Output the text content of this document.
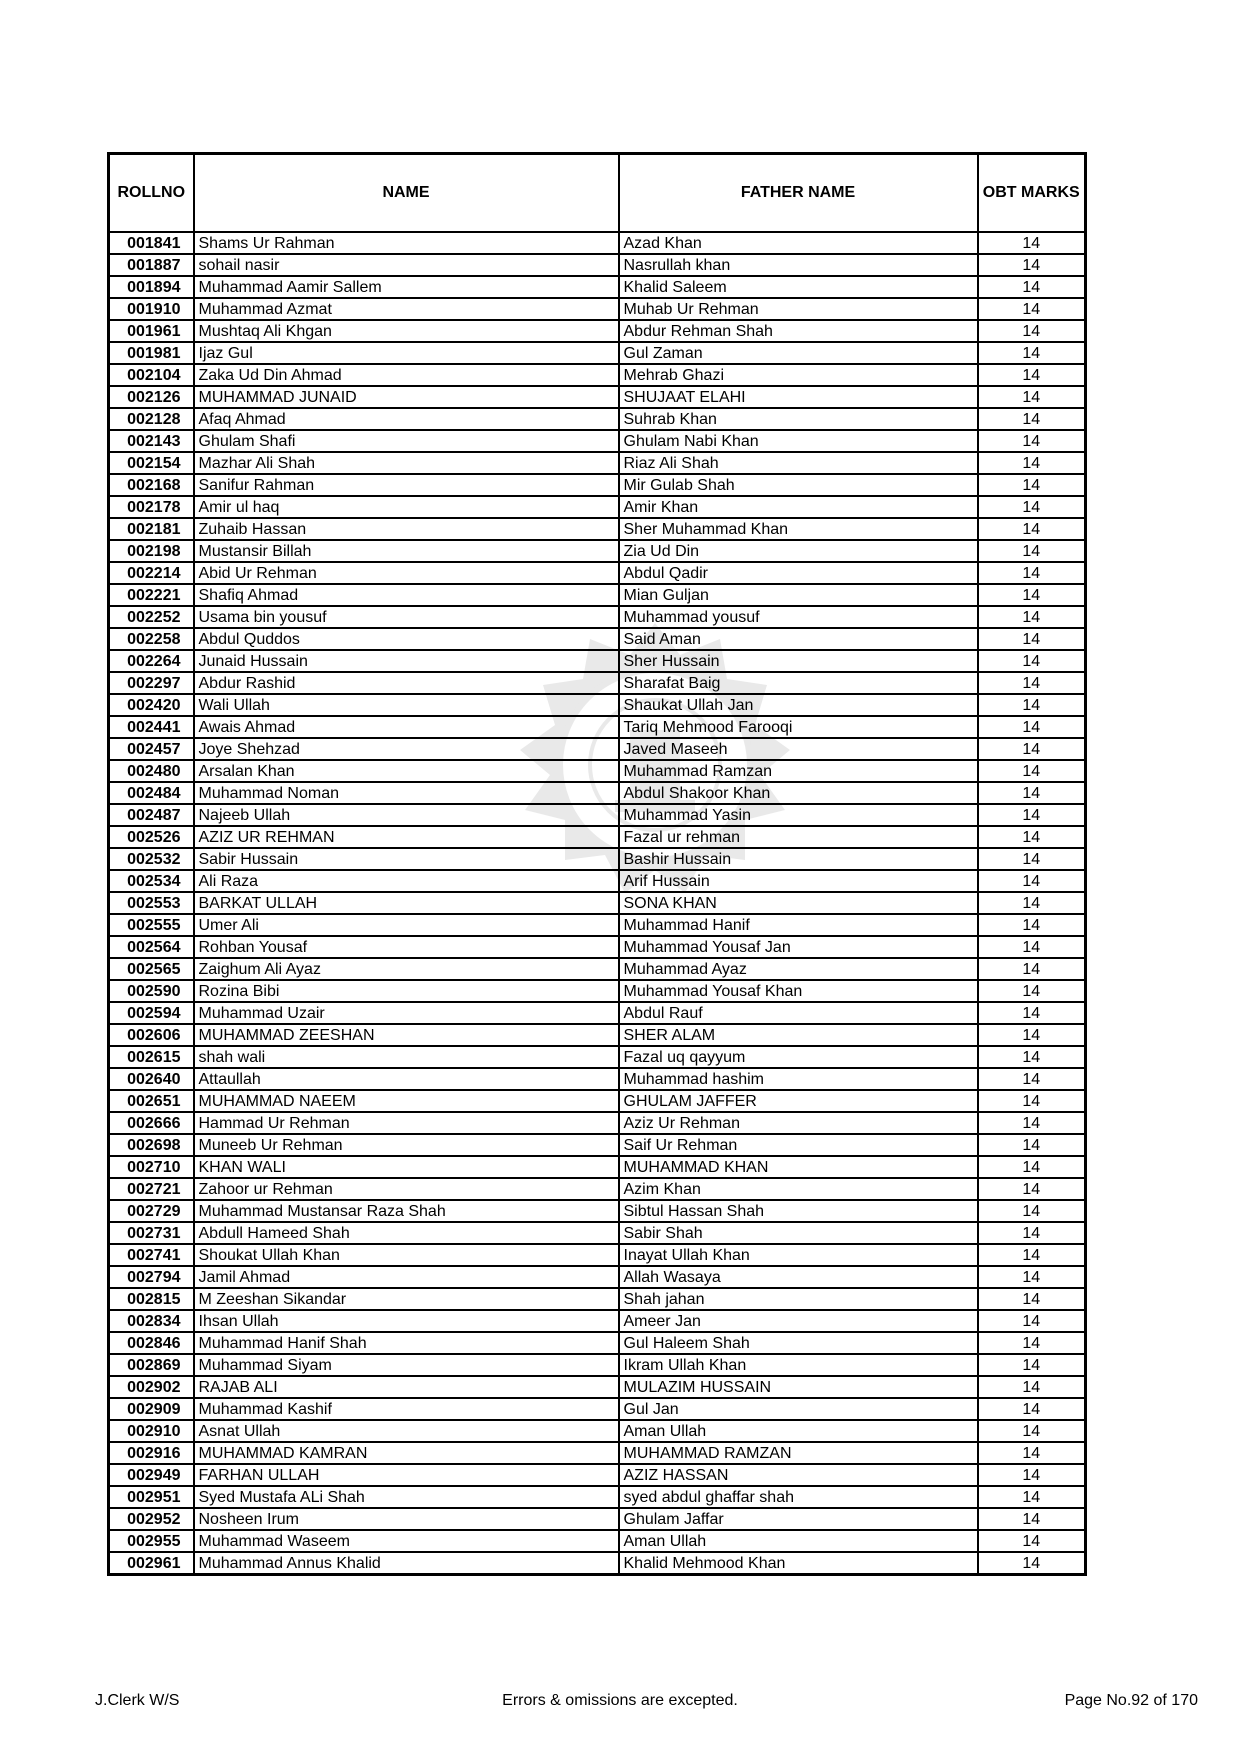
ROLLNO	NAME	FATHER NAME	OBT MARKS
001841	Shams Ur Rahman	Azad Khan	14
001887	sohail nasir	Nasrullah khan	14
001894	Muhammad Aamir Sallem	Khalid Saleem	14
001910	Muhammad Azmat	Muhab Ur Rehman	14
001961	Mushtaq Ali Khgan	Abdur Rehman Shah	14
001981	Ijaz Gul	Gul Zaman	14
002104	Zaka Ud Din Ahmad	Mehrab Ghazi	14
002126	MUHAMMAD JUNAID	SHUJAAT ELAHI	14
002128	Afaq Ahmad	Suhrab Khan	14
002143	Ghulam Shafi	Ghulam Nabi Khan	14
002154	Mazhar Ali Shah	Riaz Ali Shah	14
002168	Sanifur Rahman	Mir Gulab Shah	14
002178	Amir ul haq	Amir Khan	14
002181	Zuhaib Hassan	Sher Muhammad Khan	14
002198	Mustansir Billah	Zia Ud Din	14
002214	Abid Ur Rehman	Abdul Qadir	14
002221	Shafiq Ahmad	Mian Guljan	14
002252	Usama bin yousuf	Muhammad yousuf	14
002258	Abdul Quddos	Said Aman	14
002264	Junaid Hussain	Sher Hussain	14
002297	Abdur Rashid	Sharafat Baig	14
002420	Wali Ullah	Shaukat Ullah Jan	14
002441	Awais Ahmad	Tariq Mehmood Farooqi	14
002457	Joye Shehzad	Javed Maseeh	14
002480	Arsalan Khan	Muhammad Ramzan	14
002484	Muhammad Noman	Abdul Shakoor Khan	14
002487	Najeeb Ullah	Muhammad Yasin	14
002526	AZIZ UR REHMAN	Fazal ur rehman	14
002532	Sabir Hussain	Bashir Hussain	14
002534	Ali Raza	Arif Hussain	14
002553	BARKAT ULLAH	SONA KHAN	14
002555	Umer Ali	Muhammad Hanif	14
002564	Rohban Yousaf	Muhammad Yousaf Jan	14
002565	Zaighum Ali Ayaz	Muhammad Ayaz	14
002590	Rozina Bibi	Muhammad Yousaf Khan	14
002594	Muhammad Uzair	Abdul Rauf	14
002606	MUHAMMAD ZEESHAN	SHER ALAM	14
002615	shah wali	Fazal uq qayyum	14
002640	Attaullah	Muhammad hashim	14
002651	MUHAMMAD NAEEM	GHULAM JAFFER	14
002666	Hammad Ur Rehman	Aziz Ur Rehman	14
002698	Muneeb Ur Rehman	Saif Ur Rehman	14
002710	KHAN WALI	MUHAMMAD KHAN	14
002721	Zahoor ur Rehman	Azim Khan	14
002729	Muhammad Mustansar Raza Shah	Sibtul Hassan Shah	14
002731	Abdull Hameed Shah	Sabir Shah	14
002741	Shoukat Ullah Khan	Inayat Ullah Khan	14
002794	Jamil Ahmad	Allah Wasaya	14
002815	M Zeeshan Sikandar	Shah jahan	14
002834	Ihsan Ullah	Ameer Jan	14
002846	Muhammad Hanif Shah	Gul Haleem Shah	14
002869	Muhammad Siyam	Ikram Ullah Khan	14
002902	RAJAB ALI	MULAZIM HUSSAIN	14
002909	Muhammad Kashif	Gul Jan	14
002910	Asnat Ullah	Aman Ullah	14
002916	MUHAMMAD KAMRAN	MUHAMMAD RAMZAN	14
002949	FARHAN ULLAH	AZIZ HASSAN	14
002951	Syed Mustafa ALi Shah	syed abdul ghaffar shah	14
002952	Nosheen Irum	Ghulam Jaffar	14
002955	Muhammad Waseem	Aman Ullah	14
002961	Muhammad Annus Khalid	Khalid Mehmood Khan	14
J.Clerk W/S	Errors & omissions are excepted.	Page No.92 of 170
